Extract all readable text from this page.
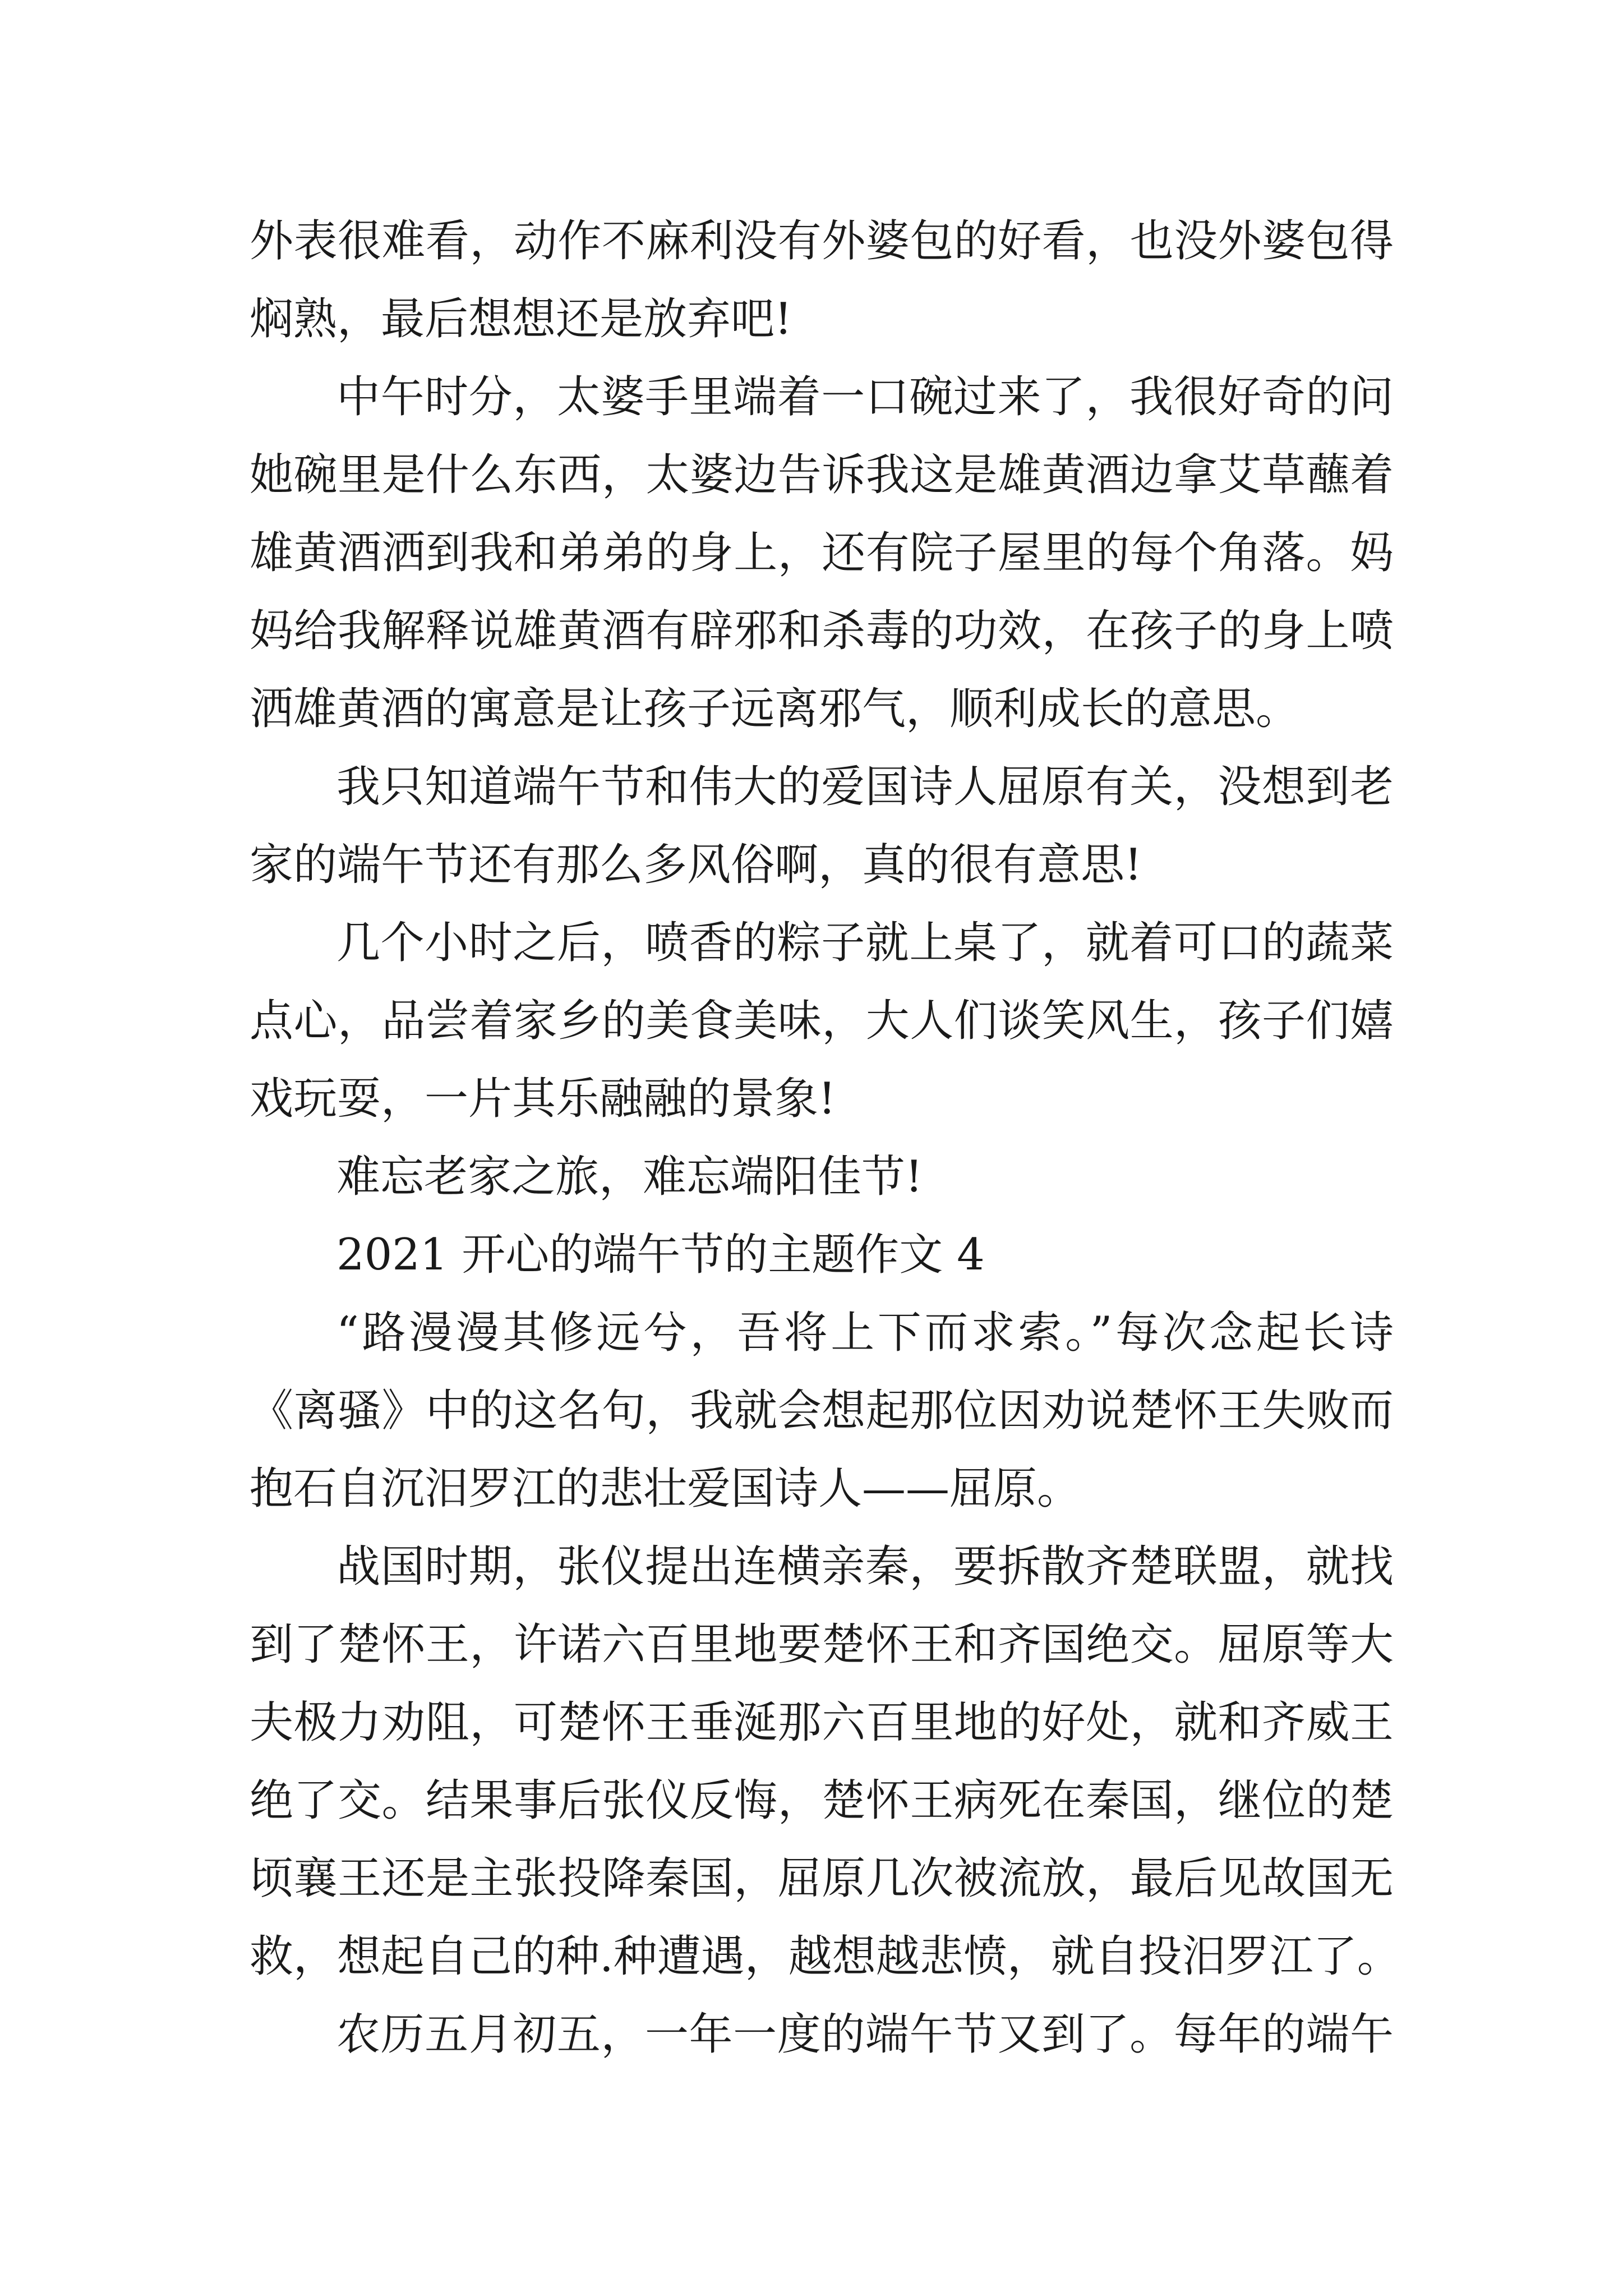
外表很难看，动作不麻利没有外婆包的好看，也没外婆包得

焖熟，最后想想还是放弃吧!

中午时分，太婆手里端着一口碗过来了，我很好奇的问

她碗里是什么东西，太婆边告诉我这是雄黄酒边拿艾草蘸着

雄黄酒洒到我和弟弟的身上，还有院子屋里的每个角落。妈

妈给我解释说雄黄酒有辟邪和杀毒的功效，在孩子的身上喷

洒雄黄酒的寓意是让孩子远离邪气，顺利成长的意思。

我只知道端午节和伟大的爱国诗人屈原有关，没想到老

家的端午节还有那么多风俗啊，真的很有意思!

几个小时之后，喷香的粽子就上桌了，就着可口的蔬菜

点心，品尝着家乡的美食美味，大人们谈笑风生，孩子们嬉

戏玩耍，一片其乐融融的景象!

难忘老家之旅，难忘端阳佳节!

2021 开心的端午节的主题作文 4

“路漫漫其修远兮，吾将上下而求索。”每次念起长诗

《离骚》中的这名句，我就会想起那位因劝说楚怀王失败而

抱石自沉汨罗江的悲壮爱国诗人——屈原。

战国时期，张仪提出连横亲秦，要拆散齐楚联盟，就找

到了楚怀王，许诺六百里地要楚怀王和齐国绝交。屈原等大

夫极力劝阻，可楚怀王垂涎那六百里地的好处，就和齐威王

绝了交。结果事后张仪反悔，楚怀王病死在秦国，继位的楚

顷襄王还是主张投降秦国，屈原几次被流放，最后见故国无

救，想起自己的种.种遭遇，越想越悲愤，就自投汨罗江了。

农历五月初五，一年一度的端午节又到了。每年的端午
